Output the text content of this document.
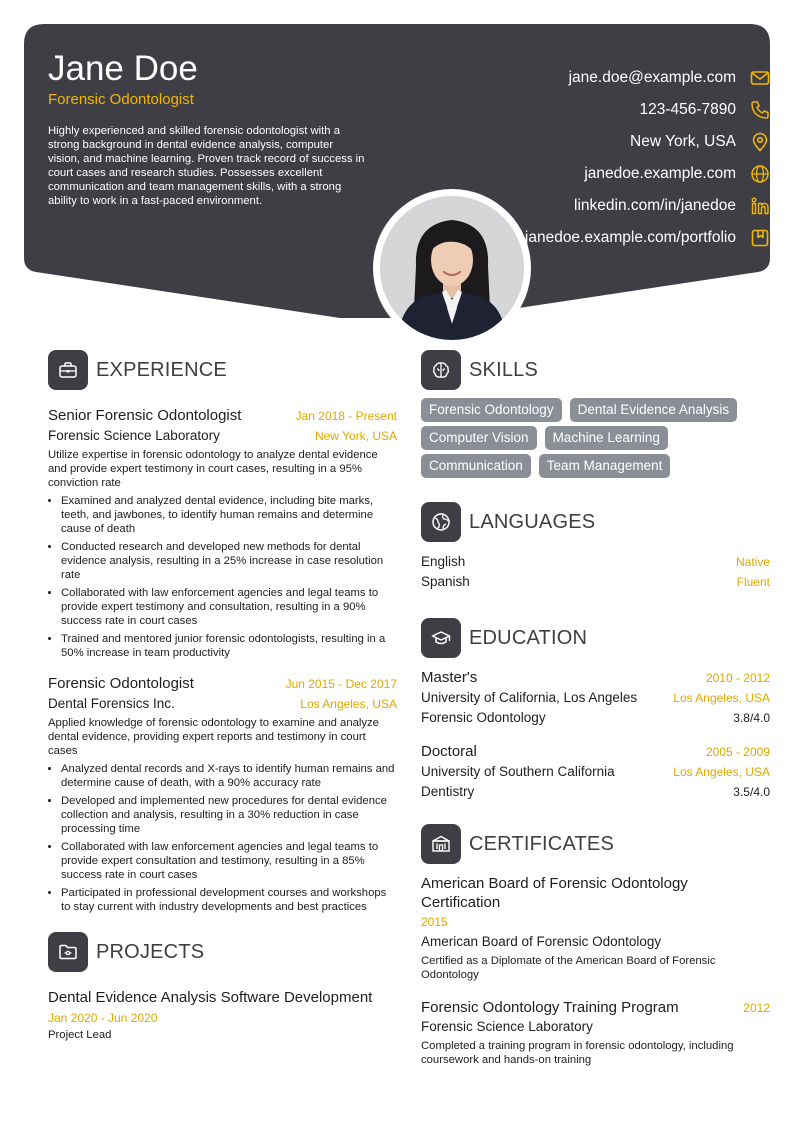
Jane Doe
Forensic Odontologist

Highly experienced and skilled forensic odontologist with a strong background in dental evidence analysis, computer vision, and machine learning. Proven track record of success in court cases and research studies. Possesses excellent communication and team management skills, with a strong ability to work in a fast-paced environment.

jane.doe@example.com
123-456-7890
New York, USA
janedoe.example.com
linkedin.com/in/janedoe
janedoe.example.com/portfolio
EXPERIENCE
Senior Forensic Odontologist	Jan 2018 - Present
Forensic Science Laboratory	New York, USA

Utilize expertise in forensic odontology to analyze dental evidence and provide expert testimony in court cases, resulting in a 95% conviction rate

• Examined and analyzed dental evidence, including bite marks, teeth, and jawbones, to identify human remains and determine cause of death
• Conducted research and developed new methods for dental evidence analysis, resulting in a 25% increase in case resolution rate
• Collaborated with law enforcement agencies and legal teams to provide expert testimony and consultation, resulting in a 90% success rate in court cases
• Trained and mentored junior forensic odontologists, resulting in a 50% increase in team productivity
Forensic Odontologist	Jun 2015 - Dec 2017
Dental Forensics Inc.	Los Angeles, USA

Applied knowledge of forensic odontology to examine and analyze dental evidence, providing expert reports and testimony in court cases

• Analyzed dental records and X-rays to identify human remains and determine cause of death, with a 90% accuracy rate
• Developed and implemented new procedures for dental evidence collection and analysis, resulting in a 30% reduction in case processing time
• Collaborated with law enforcement agencies and legal teams to provide expert consultation and testimony, resulting in a 85% success rate in court cases
• Participated in professional development courses and workshops to stay current with industry developments and best practices
PROJECTS
Dental Evidence Analysis Software Development
Jan 2020 - Jun 2020
Project Lead
SKILLS
Forensic Odontology	Dental Evidence Analysis
Computer Vision	Machine Learning
Communication	Team Management
LANGUAGES
English	Native
Spanish	Fluent
EDUCATION
Master's	2010 - 2012
University of California, Los Angeles	Los Angeles, USA
Forensic Odontology	3.8/4.0
Doctoral	2005 - 2009
University of Southern California	Los Angeles, USA
Dentistry	3.5/4.0
CERTIFICATES
American Board of Forensic Odontology Certification
2015
American Board of Forensic Odontology
Certified as a Diplomate of the American Board of Forensic Odontology
Forensic Odontology Training Program	2012
Forensic Science Laboratory
Completed a training program in forensic odontology, including coursework and hands-on training
